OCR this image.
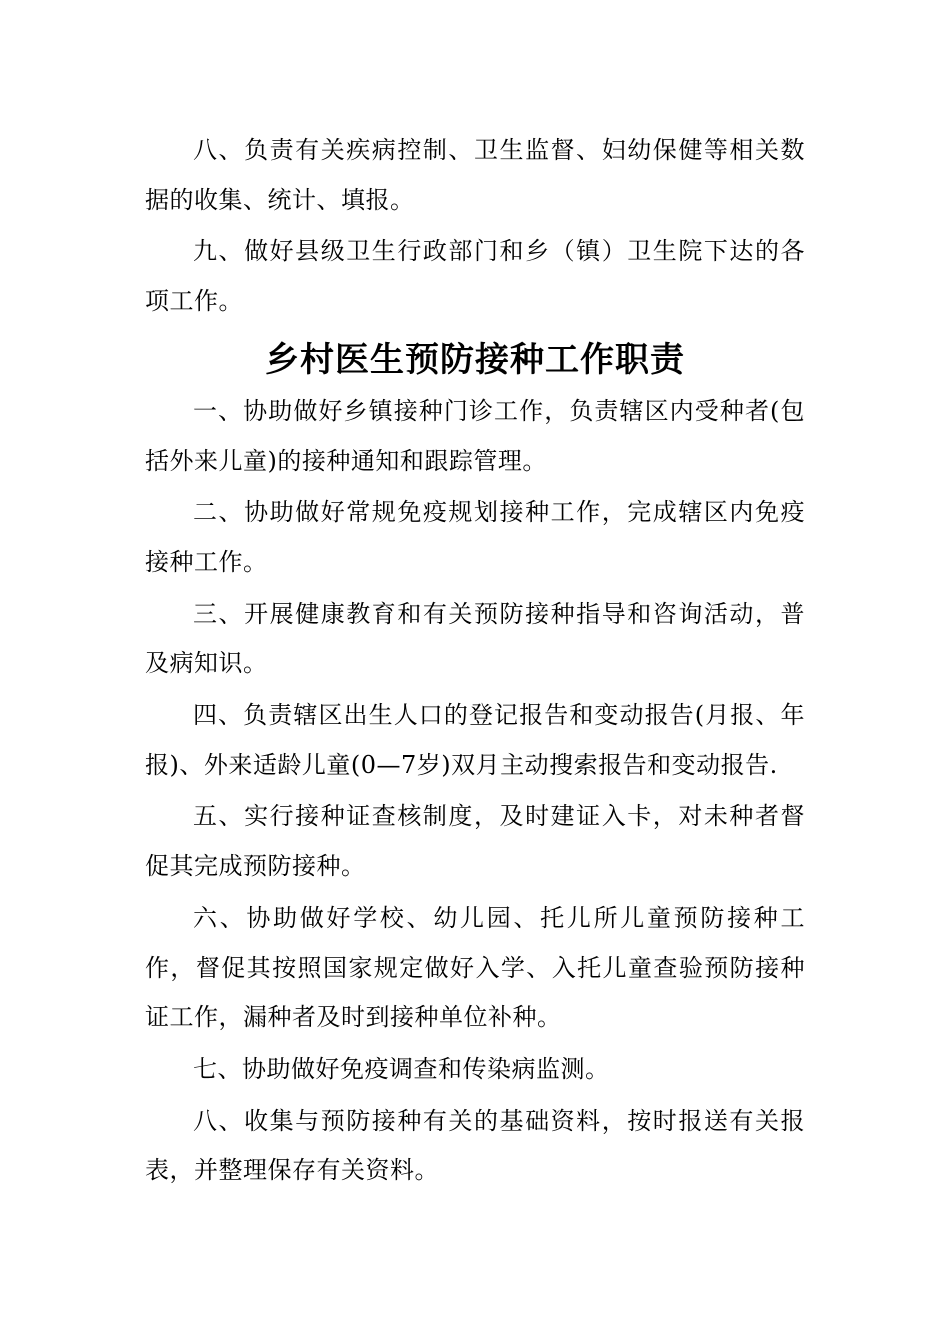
八、负责有关疾病控制、卫生监督、妇幼保健等相关数据的收集、统计、填报。

九、做好县级卫生行政部门和乡（镇）卫生院下达的各项工作。

乡村医生预防接种工作职责

一、协助做好乡镇接种门诊工作，负责辖区内受种者(包括外来儿童)的接种通知和跟踪管理。

二、协助做好常规免疫规划接种工作，完成辖区内免疫接种工作。

三、开展健康教育和有关预防接种指导和咨询活动，普及病知识。

四、负责辖区出生人口的登记报告和变动报告(月报、年报)、外来适龄儿童(0—7岁)双月主动搜索报告和变动报告.

五、实行接种证查核制度，及时建证入卡，对未种者督促其完成预防接种。

六、协助做好学校、幼儿园、托儿所儿童预防接种工作，督促其按照国家规定做好入学、入托儿童查验预防接种证工作，漏种者及时到接种单位补种。

七、协助做好免疫调查和传染病监测。

八、收集与预防接种有关的基础资料，按时报送有关报表，并整理保存有关资料。
